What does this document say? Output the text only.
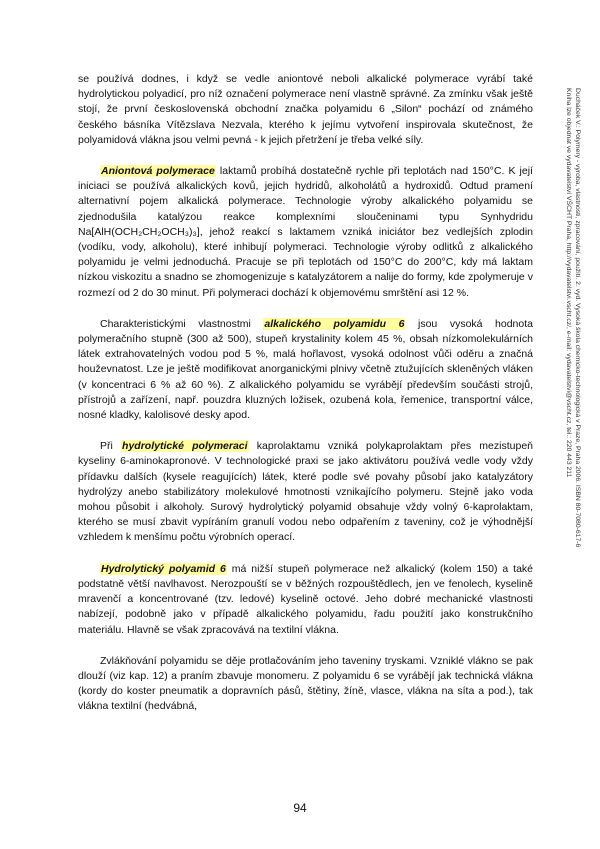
se používá dodnes, i když se vedle aniontové neboli alkalické polymerace vyrábí také hydrolytickou polyadicí, pro níž označení polymerace není vlastně správné. Za zmínku však ještě stojí, že první československá obchodní značka polyamidu 6 „Silon“ pochází od známého českého básníka Vítězslava Nezvala, kterého k jejímu vytvoření inspirovala skutečnost, že polyamidová vlákna jsou velmi pevná - k jejich přetržení je třeba velké síly.

Aniontová polymerace laktamů probíhá dostatečně rychle při teplotách nad 150°C. K její iniciaci se používá alkalických kovů, jejich hydridů, alkoholátů a hydroxidů. Odtud pramení alternativní pojem alkalická polymerace. Technologie výroby alkalického polyamidu se zjednodušila katalýzou reakce komplexními sloučeninami typu Synhydridu Na[AlH(OCH₂CH₂OCH₃)₃], jehož reakcí s laktamem vzniká iniciátor bez vedlejších zplodin (vodíku, vody, alkoholu), které inhibují polymeraci. Technologie výroby odlitků z alkalického polyamidu je velmi jednoduchá. Pracuje se při teplotách od 150°C do 200°C, kdy má laktam nízkou viskozitu a snadno se zhomogenizuje s katalyzátorem a nalije do formy, kde zpolymeruje v rozmezí od 2 do 30 minut. Při polymeraci dochází k objemovému smrštění asi 12 %.

Charakteristickými vlastnostmi alkalického polyamidu 6 jsou vysoká hodnota polymeračního stupně (300 až 500), stupeň krystalinity kolem 45 %, obsah nízkomolekulárních látek extrahovatelných vodou pod 5 %, malá hořlavost, vysoká odolnost vůči oděru a značná houževnatost. Lze je ještě modifikovat anorganickými plnivy včetně ztužujících skleněných vláken (v koncentraci 6 % až 60 %). Z alkalického polyamidu se vyrábějí především součásti strojů, přístrojů a zařízení, např. pouzdra kluzných ložisek, ozubená kola, řemenice, transportní válce, nosné kladky, kalolisové desky apod.

Při hydrolytické polymeraci kaprolaktamu vzniká polykaprolaktam přes mezistupeň kyseliny 6-aminokapronové. V technologické praxi se jako aktivátoru používá vedle vody vždy přídavku dalších (kysele reagujících) látek, které podle své povahy působí jako katalyzátory hydrolýzy anebo stabilizátory molekulové hmotnosti vznikajícího polymeru. Stejně jako voda mohou působit i alkoholy. Surový hydrolytický polyamid obsahuje vždy volný 6-kaprolaktam, kterého se musí zbavit vypíráním granulí vodou nebo odpařením z taveniny, což je výhodnější vzhledem k menšímu počtu výrobních operací.

Hydrolytický polyamid 6 má nižší stupeň polymerace než alkalický (kolem 150) a také podstatně větší navlhavost. Nerozpouští se v běžných rozpouštědlech, jen ve fenolech, kyselině mravenčí a koncentrované (tzv. ledové) kyselině octové. Jeho dobré mechanické vlastnosti nabízejí, podobně jako v případě alkalického polyamidu, řadu použití jako konstrukčního materiálu. Hlavně se však zpracovává na textilní vlákna.

Zvlákňování polyamidu se děje protlačováním jeho taveniny tryskami. Vzniklé vlákno se pak dlouží (viz kap. 12) a praním zbavuje monomeru. Z polyamidu 6 se vyrábějí jak technická vlákna (kordy do koster pneumatik a dopravních pásů, štětiny, žíně, vlasce, vlákna na síta a pod.), tak vlákna textilní (hedvábná,

Ducháček V.: Polymery - výroba, vlastnosti, zpracování, použití. 2. vyd. Vysoká škola chemicko-technologická v Praze, Praha 2006. ISBN 80-7080-617-6
Kniha lze objednat ve vydavatelství VŠCHT Praha, http://vydavatelstvi.vscht.cz/, e-mail: vydavatelstvi@vscht.cz, tel.: 220 443 211
94
